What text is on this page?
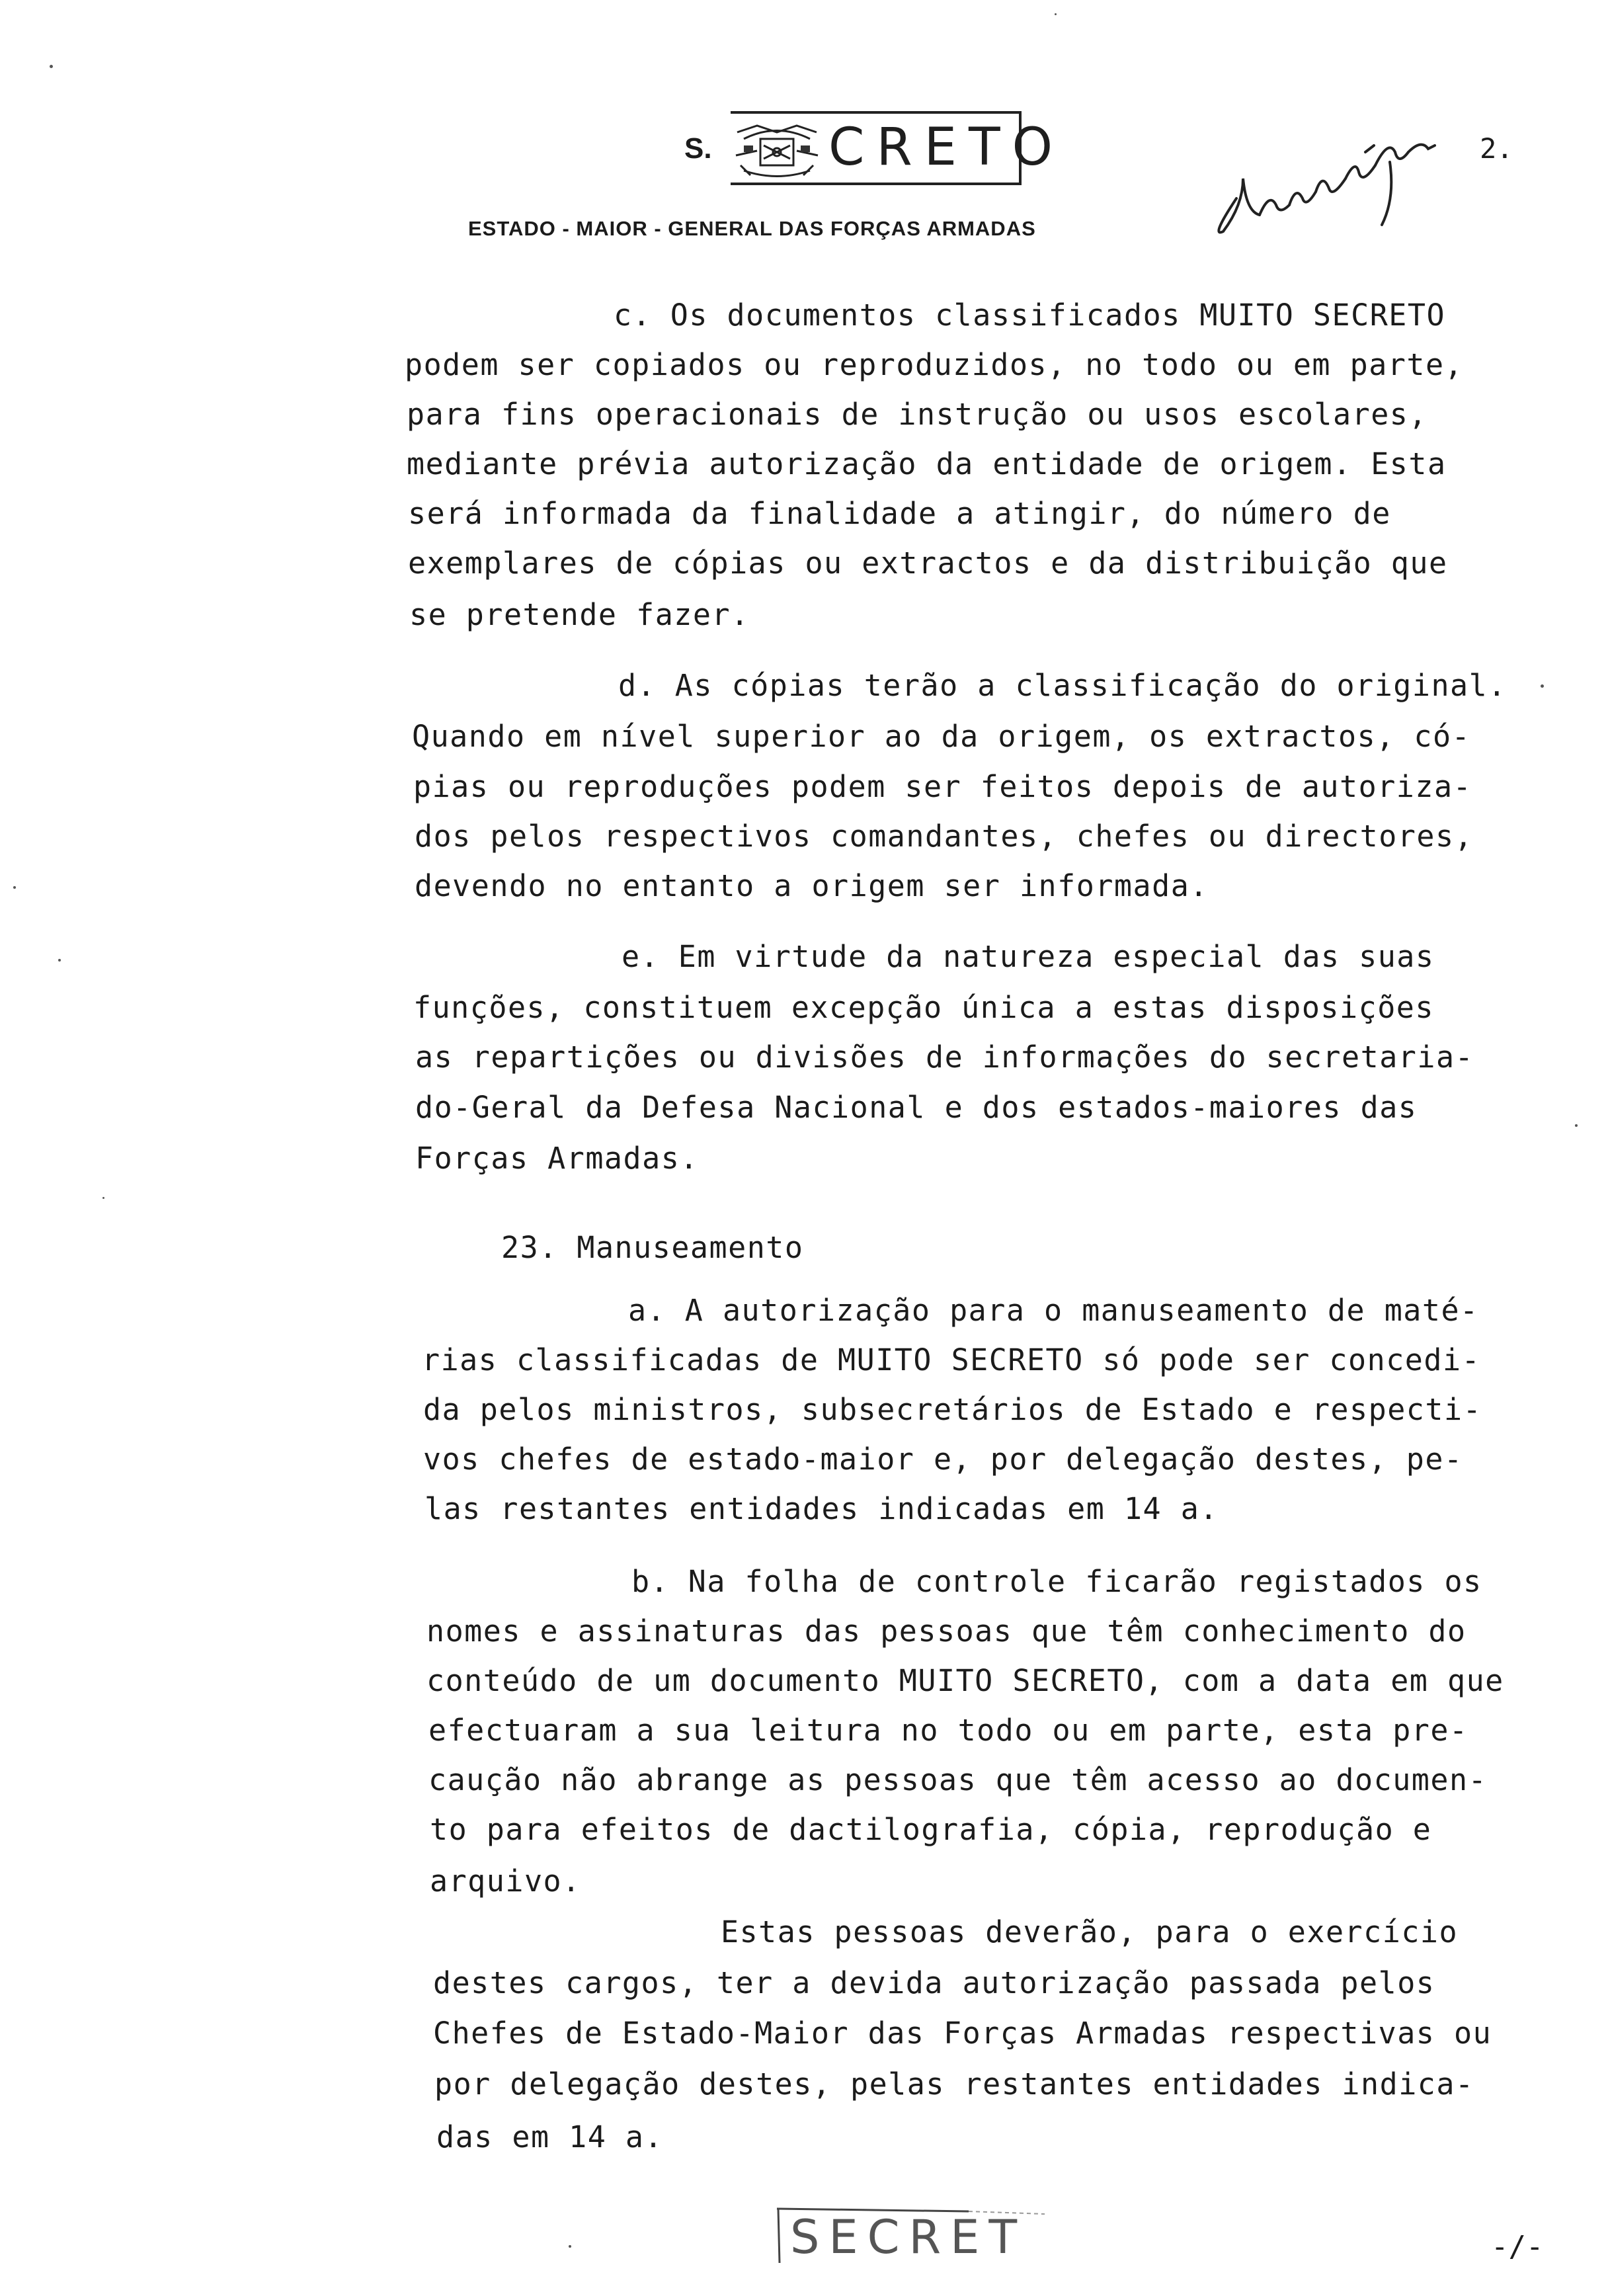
S. CRETO
ESTADO - MAIOR - GENERAL DAS FORÇAS ARMADAS
2.
c. Os documentos classificados MUITO SECRETO
podem ser copiados ou reproduzidos, no todo ou em parte,
para fins operacionais de instrução ou usos escolares,
mediante prévia autorização da entidade de origem. Esta
será informada da finalidade a atingir, do número de
exemplares de cópias ou extractos e da distribuição que
se pretende fazer.
d. As cópias terão a classificação do original.
Quando em nível superior ao da origem, os extractos, có-
pias ou reproduções podem ser feitos depois de autoriza-
dos pelos respectivos comandantes, chefes ou directores,
devendo no entanto a origem ser informada.
e. Em virtude da natureza especial das suas
funções, constituem excepção única a estas disposições
as repartições ou divisões de informações do secretaria-
do-Geral da Defesa Nacional e dos estados-maiores das
Forças Armadas.
23. Manuseamento
a. A autorização para o manuseamento de maté-
rias classificadas de MUITO SECRETO só pode ser concedi-
da pelos ministros, subsecretários de Estado e respecti-
vos chefes de estado-maior e, por delegação destes, pe-
las restantes entidades indicadas em 14 a.
b. Na folha de controle ficarão registados os
nomes e assinaturas das pessoas que têm conhecimento do
conteúdo de um documento MUITO SECRETO, com a data em que
efectuaram a sua leitura no todo ou em parte, esta pre-
caução não abrange as pessoas que têm acesso ao documen-
to para efeitos de dactilografia, cópia, reprodução e
arquivo.
Estas pessoas deverão, para o exercício
destes cargos, ter a devida autorização passada pelos
Chefes de Estado-Maior das Forças Armadas respectivas ou
por delegação destes, pelas restantes entidades indica-
das em 14 a.
SECRET	-/-
